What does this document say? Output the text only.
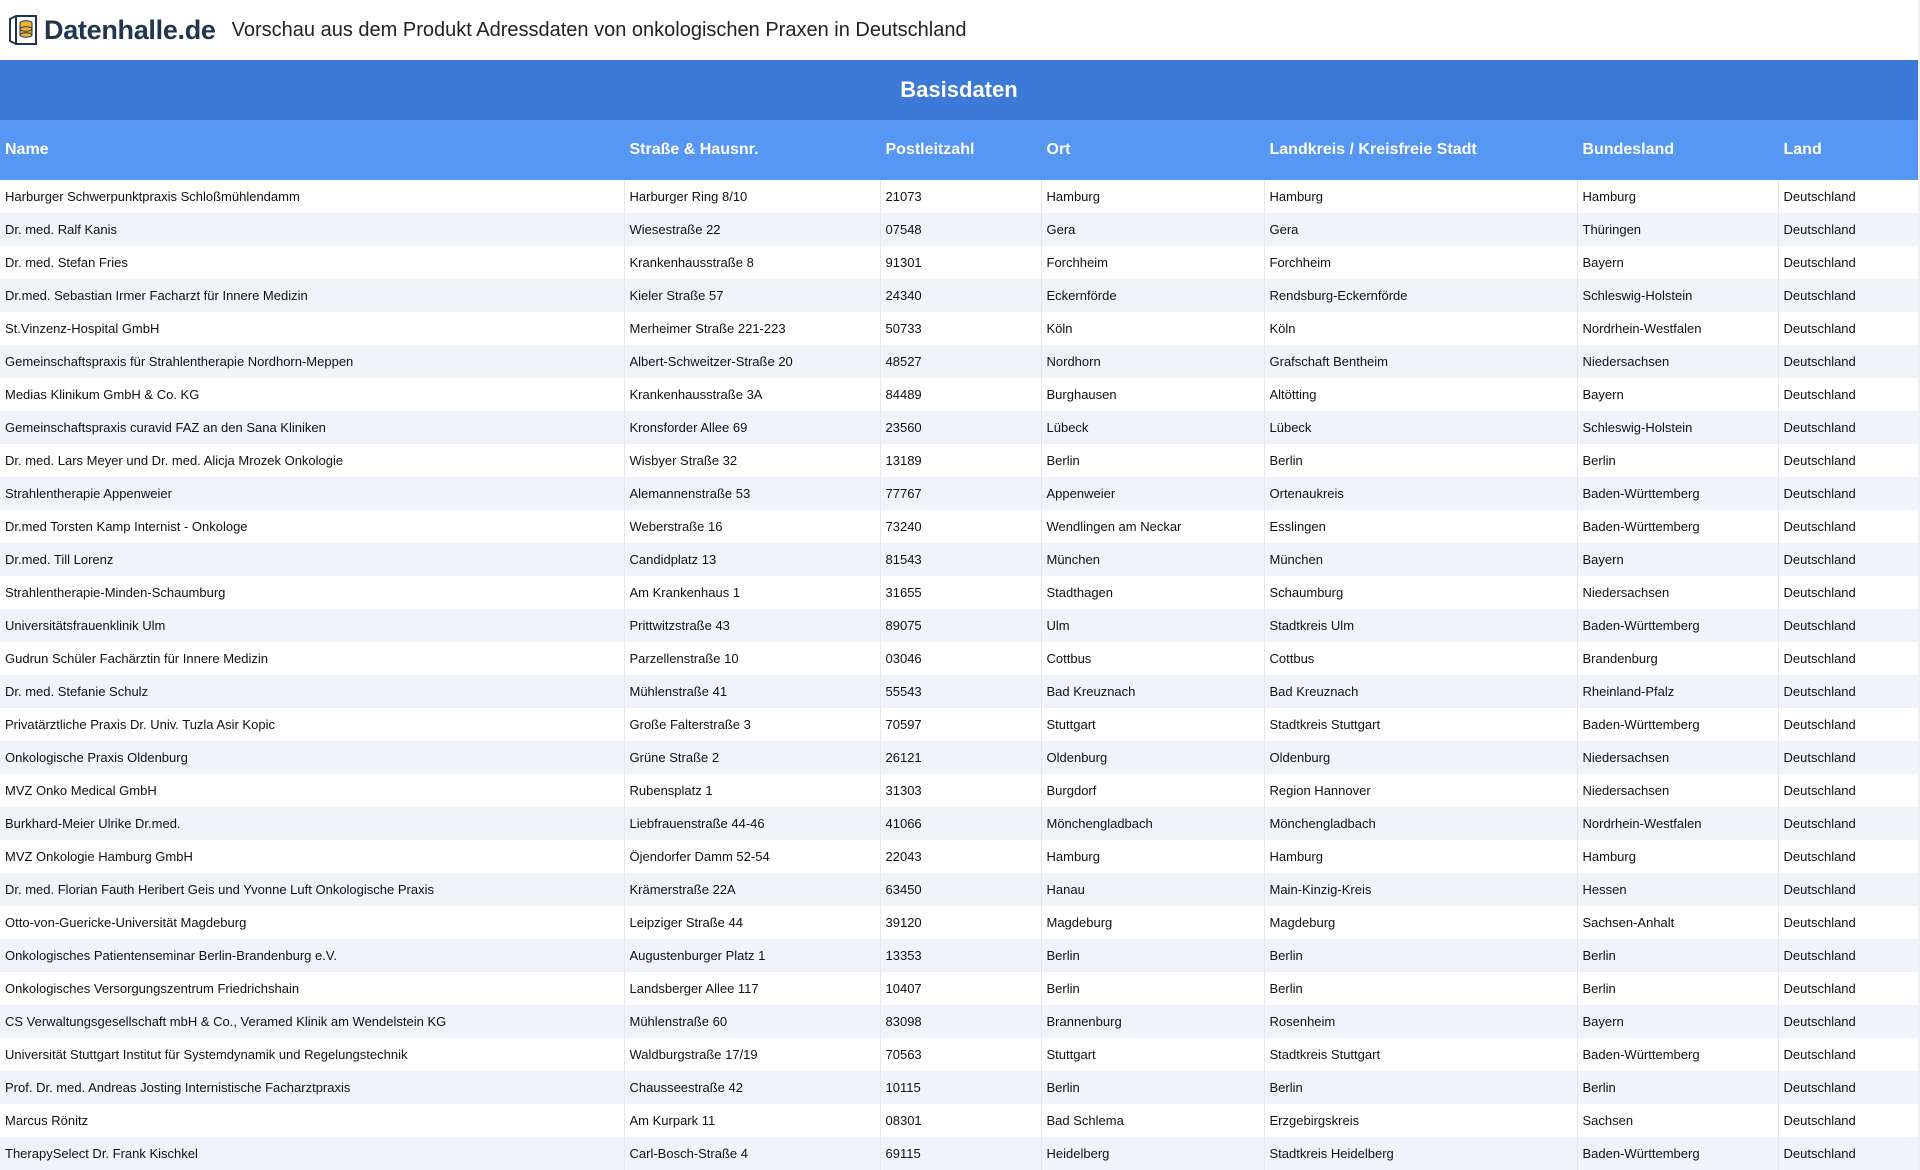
Datenhalle.de Vorschau aus dem Produkt Adressdaten von onkologischen Praxen in Deutschland
Basisdaten
Name	Straße & Hausnr.	Postleitzahl	Ort	Landkreis / Kreisfreie Stadt	Bundesland	Land
Harburger Schwerpunktpraxis Schloßmühlendamm	Harburger Ring 8/10	21073	Hamburg	Hamburg	Hamburg	Deutschland
Dr. med. Ralf Kanis	Wiesestraße 22	07548	Gera	Gera	Thüringen	Deutschland
Dr. med. Stefan Fries	Krankenhausstraße 8	91301	Forchheim	Forchheim	Bayern	Deutschland
Dr.med. Sebastian Irmer Facharzt für Innere Medizin	Kieler Straße 57	24340	Eckernförde	Rendsburg-Eckernförde	Schleswig-Holstein	Deutschland
St.Vinzenz-Hospital GmbH	Merheimer Straße 221-223	50733	Köln	Köln	Nordrhein-Westfalen	Deutschland
Gemeinschaftspraxis für Strahlentherapie Nordhorn-Meppen	Albert-Schweitzer-Straße 20	48527	Nordhorn	Grafschaft Bentheim	Niedersachsen	Deutschland
Medias Klinikum GmbH & Co. KG	Krankenhausstraße 3A	84489	Burghausen	Altötting	Bayern	Deutschland
Gemeinschaftspraxis curavid FAZ an den Sana Kliniken	Kronsforder Allee 69	23560	Lübeck	Lübeck	Schleswig-Holstein	Deutschland
Dr. med. Lars Meyer und Dr. med. Alicja Mrozek Onkologie	Wisbyer Straße 32	13189	Berlin	Berlin	Berlin	Deutschland
Strahlentherapie Appenweier	Alemannenstraße 53	77767	Appenweier	Ortenaukreis	Baden-Württemberg	Deutschland
Dr.med Torsten Kamp Internist - Onkologe	Weberstraße 16	73240	Wendlingen am Neckar	Esslingen	Baden-Württemberg	Deutschland
Dr.med. Till Lorenz	Candidplatz 13	81543	München	München	Bayern	Deutschland
Strahlentherapie-Minden-Schaumburg	Am Krankenhaus 1	31655	Stadthagen	Schaumburg	Niedersachsen	Deutschland
Universitätsfrauenklinik Ulm	Prittwitzstraße 43	89075	Ulm	Stadtkreis Ulm	Baden-Württemberg	Deutschland
Gudrun Schüler Fachärztin für Innere Medizin	Parzellenstraße 10	03046	Cottbus	Cottbus	Brandenburg	Deutschland
Dr. med. Stefanie Schulz	Mühlenstraße 41	55543	Bad Kreuznach	Bad Kreuznach	Rheinland-Pfalz	Deutschland
Privatärztliche Praxis Dr. Univ. Tuzla Asir Kopic	Große Falterstraße 3	70597	Stuttgart	Stadtkreis Stuttgart	Baden-Württemberg	Deutschland
Onkologische Praxis Oldenburg	Grüne Straße 2	26121	Oldenburg	Oldenburg	Niedersachsen	Deutschland
MVZ Onko Medical GmbH	Rubensplatz 1	31303	Burgdorf	Region Hannover	Niedersachsen	Deutschland
Burkhard-Meier Ulrike Dr.med.	Liebfrauenstraße 44-46	41066	Mönchengladbach	Mönchengladbach	Nordrhein-Westfalen	Deutschland
MVZ Onkologie Hamburg GmbH	Öjendorfer Damm 52-54	22043	Hamburg	Hamburg	Hamburg	Deutschland
Dr. med. Florian Fauth Heribert Geis und Yvonne Luft Onkologische Praxis	Krämerstraße 22A	63450	Hanau	Main-Kinzig-Kreis	Hessen	Deutschland
Otto-von-Guericke-Universität Magdeburg	Leipziger Straße 44	39120	Magdeburg	Magdeburg	Sachsen-Anhalt	Deutschland
Onkologisches Patientenseminar Berlin-Brandenburg e.V.	Augustenburger Platz 1	13353	Berlin	Berlin	Berlin	Deutschland
Onkologisches Versorgungszentrum Friedrichshain	Landsberger Allee 117	10407	Berlin	Berlin	Berlin	Deutschland
CS Verwaltungsgesellschaft mbH & Co., Veramed Klinik am Wendelstein KG	Mühlenstraße 60	83098	Brannenburg	Rosenheim	Bayern	Deutschland
Universität Stuttgart Institut für Systemdynamik und Regelungstechnik	Waldburgstraße 17/19	70563	Stuttgart	Stadtkreis Stuttgart	Baden-Württemberg	Deutschland
Prof. Dr. med. Andreas Josting Internistische Facharztpraxis	Chausseestraße 42	10115	Berlin	Berlin	Berlin	Deutschland
Marcus Rönitz	Am Kurpark 11	08301	Bad Schlema	Erzgebirgskreis	Sachsen	Deutschland
TherapySelect Dr. Frank Kischkel	Carl-Bosch-Straße 4	69115	Heidelberg	Stadtkreis Heidelberg	Baden-Württemberg	Deutschland
